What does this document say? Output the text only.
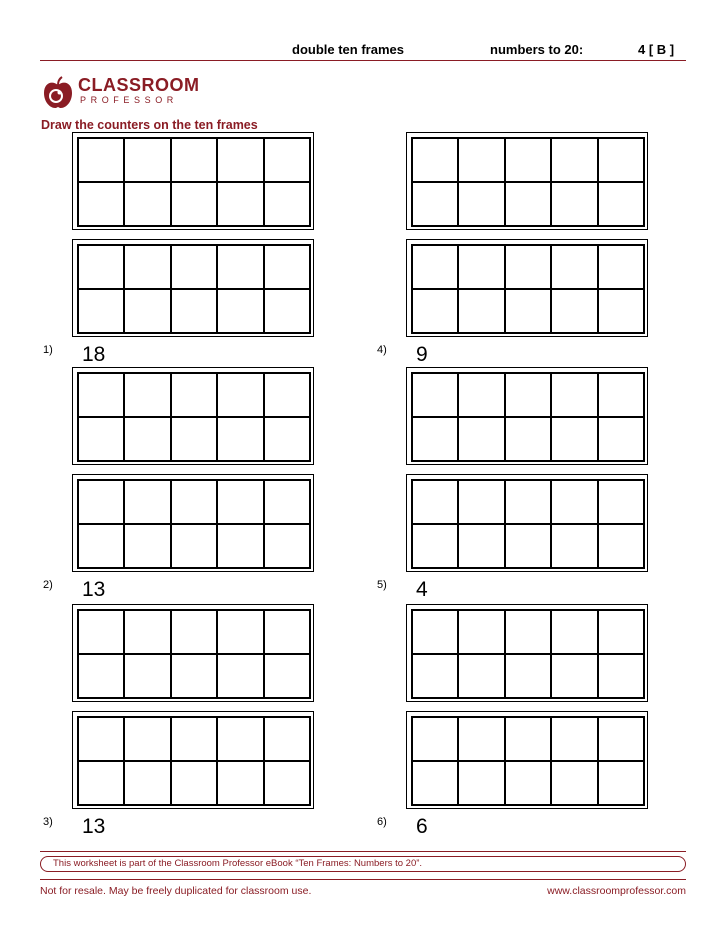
double ten frames	numbers to 20:	4 [ B ]
CLASSROOM
PROFESSOR
Draw the counters on the ten frames
1) 18
2) 13
3) 13
4) 9
5) 4
6) 6
This worksheet is part of the Classroom Professor eBook “Ten Frames: Numbers to 20”.
Not for resale. May be freely duplicated for classroom use.	www.classroomprofessor.com
